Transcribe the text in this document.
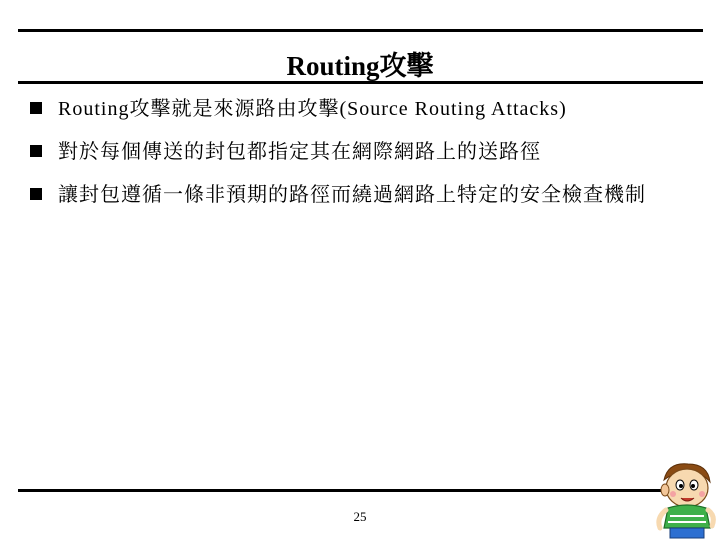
Routing攻擊
Routing攻擊就是來源路由攻擊(Source Routing Attacks)
對於每個傳送的封包都指定其在網際網路上的送路徑
讓封包遵循一條非預期的路徑而繞過網路上特定的安全檢查機制
25
